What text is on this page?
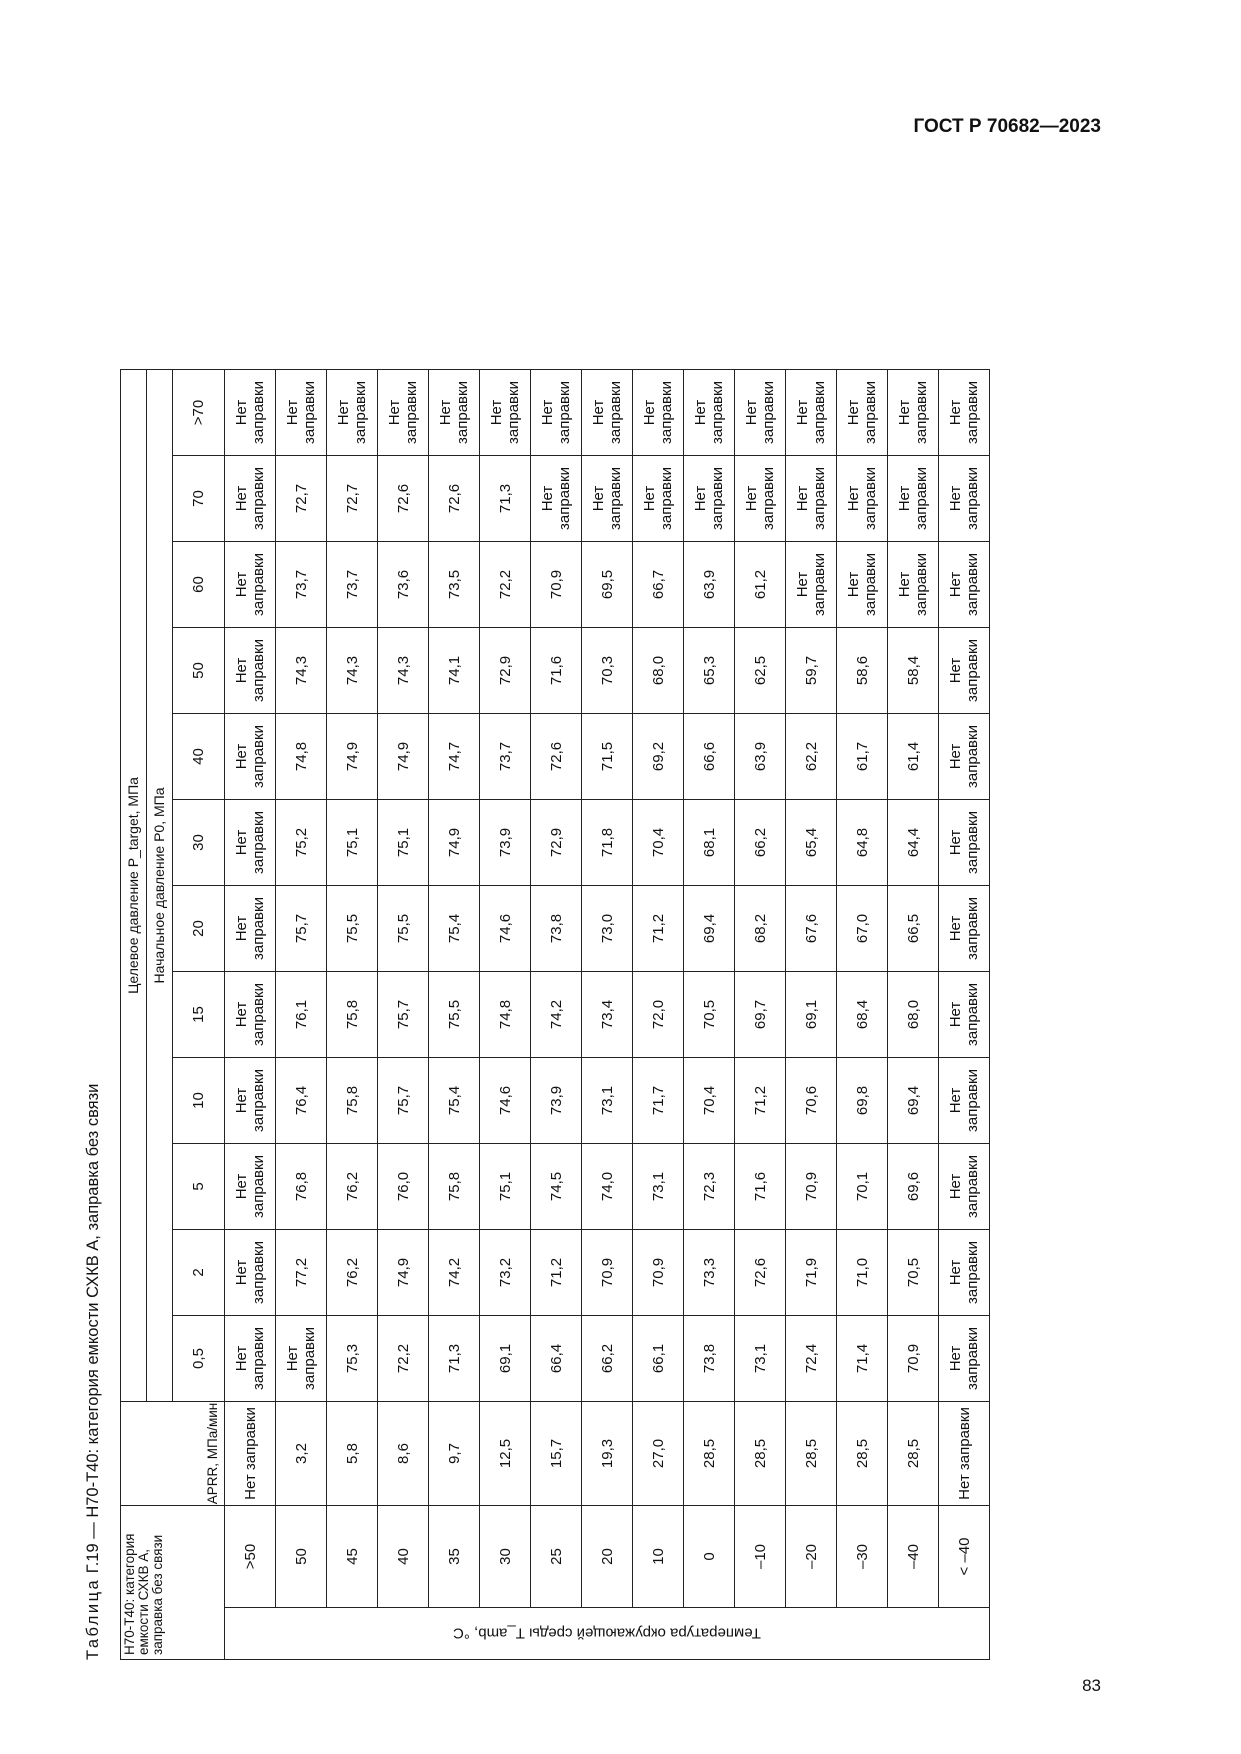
ГОСТ Р 70682—2023
83
Таблица Г.19 — Н70-Т40: категория емкости СХКВ А, заправка без связи
Н70-Т40: категория емкости СХКВ А, заправка без связи		APRR, МПа/мин	Целевое давление P_target, МПа											
			Начальное давление P0, МПа											
			0,5	2	5	10	15	20	30	40	50	60	70	>70

Температура окружающей среды T_amb, °C	>50	Нет заправки	Нет заправки	Нет заправки	Нет заправки	Нет заправки	Нет заправки	Нет заправки	Нет заправки	Нет заправки	Нет заправки	Нет заправки	Нет заправки	Нет заправки
	50	3,2	Нет заправки	77,2	76,8	76,4	76,1	75,7	75,2	74,8	74,3	73,7	72,7	Нет заправки
	45	5,8	75,3	76,2	76,2	75,8	75,8	75,5	75,1	74,9	74,3	73,7	72,7	Нет заправки
	40	8,6	72,2	74,9	76,0	75,7	75,7	75,5	75,1	74,9	74,3	73,6	72,6	Нет заправки
	35	9,7	71,3	74,2	75,8	75,4	75,5	75,4	74,9	74,7	74,1	73,5	72,6	Нет заправки
	30	12,5	69,1	73,2	75,1	74,6	74,8	74,6	73,9	73,7	72,9	72,2	71,3	Нет заправки
	25	15,7	66,4	71,2	74,5	73,9	74,2	73,8	72,9	72,6	71,6	70,9	Нет заправки	Нет заправки
	20	19,3	66,2	70,9	74,0	73,1	73,4	73,0	71,8	71,5	70,3	69,5	Нет заправки	Нет заправки
	10	27,0	66,1	70,9	73,1	71,7	72,0	71,2	70,4	69,2	68,0	66,7	Нет заправки	Нет заправки
	0	28,5	73,8	73,3	72,3	70,4	70,5	69,4	68,1	66,6	65,3	63,9	Нет заправки	Нет заправки
	–10	28,5	73,1	72,6	71,6	71,2	69,7	68,2	66,2	63,9	62,5	61,2	Нет заправки	Нет заправки
	–20	28,5	72,4	71,9	70,9	70,6	69,1	67,6	65,4	62,2	59,7	Нет заправки	Нет заправки	Нет заправки
	–30	28,5	71,4	71,0	70,1	69,8	68,4	67,0	64,8	61,7	58,6	Нет заправки	Нет заправки	Нет заправки
	–40	28,5	70,9	70,5	69,6	69,4	68,0	66,5	64,4	61,4	58,4	Нет заправки	Нет заправки	Нет заправки
	< –40	Нет заправки	Нет заправки	Нет заправки	Нет заправки	Нет заправки	Нет заправки	Нет заправки	Нет заправки	Нет заправки	Нет заправки	Нет заправки	Нет заправки	Нет заправки
